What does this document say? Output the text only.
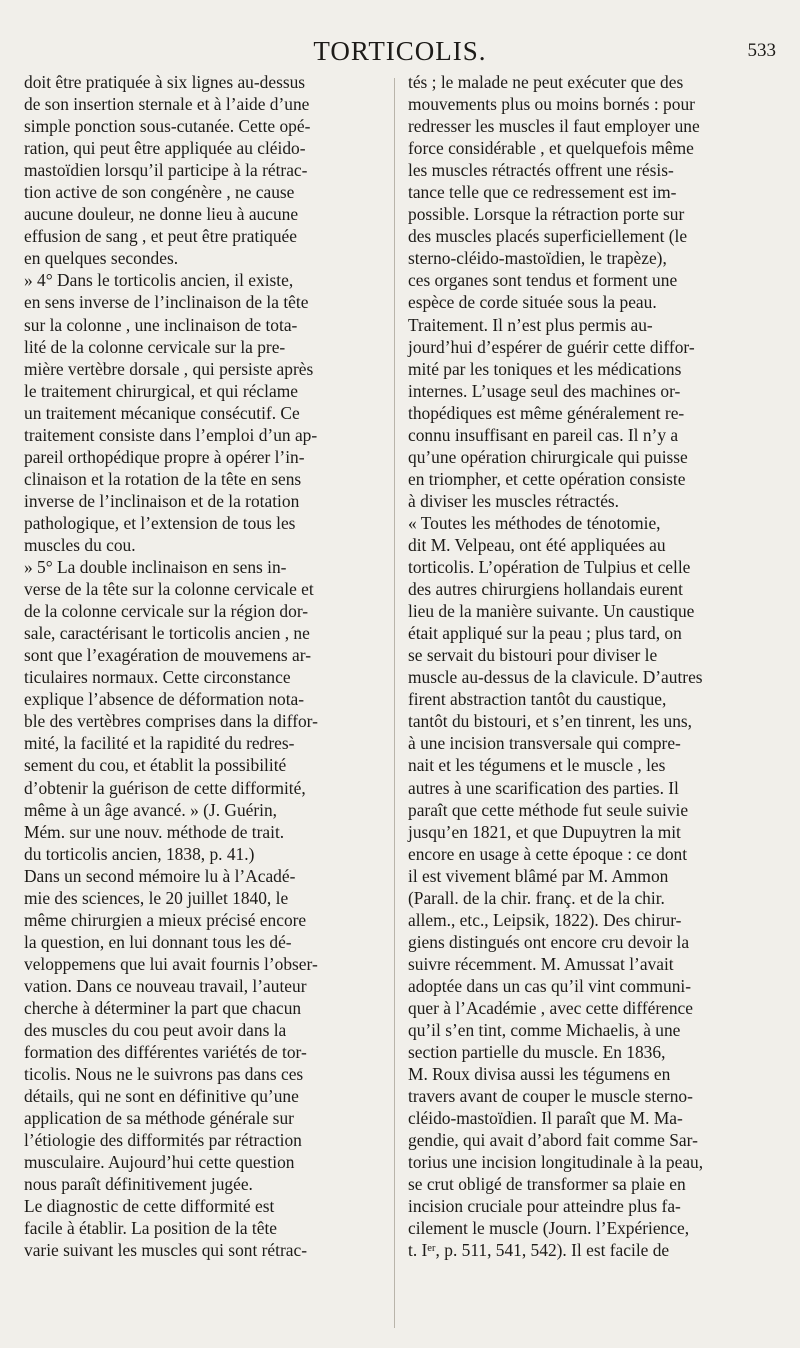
TORTICOLIS.	533
doit être pratiquée à six lignes au-dessus
de son insertion sternale et à l’aide d’une
simple ponction sous-cutanée. Cette opé-
ration, qui peut être appliquée au cléido-
mastoïdien lorsqu’il participe à la rétrac-
tion active de son congénère , ne cause
aucune douleur, ne donne lieu à aucune
effusion de sang , et peut être pratiquée
en quelques secondes.
» 4° Dans le torticolis ancien, il existe,
en sens inverse de l’inclinaison de la tête
sur la colonne , une inclinaison de tota-
lité de la colonne cervicale sur la pre-
mière vertèbre dorsale , qui persiste après
le traitement chirurgical, et qui réclame
un traitement mécanique consécutif. Ce
traitement consiste dans l’emploi d’un ap-
pareil orthopédique propre à opérer l’in-
clinaison et la rotation de la tête en sens
inverse de l’inclinaison et de la rotation
pathologique, et l’extension de tous les
muscles du cou.
» 5° La double inclinaison en sens in-
verse de la tête sur la colonne cervicale et
de la colonne cervicale sur la région dor-
sale, caractérisant le torticolis ancien , ne
sont que l’exagération de mouvemens ar-
ticulaires normaux. Cette circonstance
explique l’absence de déformation nota-
ble des vertèbres comprises dans la diffor-
mité, la facilité et la rapidité du redres-
sement du cou, et établit la possibilité
d’obtenir la guérison de cette difformité,
même à un âge avancé. » (J. Guérin,
Mém. sur une nouv. méthode de trait.
du torticolis ancien, 1838, p. 41.)
Dans un second mémoire lu à l’Acadé-
mie des sciences, le 20 juillet 1840, le
même chirurgien a mieux précisé encore
la question, en lui donnant tous les dé-
veloppemens que lui avait fournis l’obser-
vation. Dans ce nouveau travail, l’auteur
cherche à déterminer la part que chacun
des muscles du cou peut avoir dans la
formation des différentes variétés de tor-
ticolis. Nous ne le suivrons pas dans ces
détails, qui ne sont en définitive qu’une
application de sa méthode générale sur
l’étiologie des difformités par rétraction
musculaire. Aujourd’hui cette question
nous paraît définitivement jugée.
Le diagnostic de cette difformité est
facile à établir. La position de la tête
varie suivant les muscles qui sont rétrac-
tés ; le malade ne peut exécuter que des
mouvements plus ou moins bornés : pour
redresser les muscles il faut employer une
force considérable , et quelquefois même
les muscles rétractés offrent une résis-
tance telle que ce redressement est im-
possible. Lorsque la rétraction porte sur
des muscles placés superficiellement (le
sterno-cléido-mastoïdien, le trapèze),
ces organes sont tendus et forment une
espèce de corde située sous la peau.
Traitement. Il n’est plus permis au-
jourd’hui d’espérer de guérir cette diffor-
mité par les toniques et les médications
internes. L’usage seul des machines or-
thopédiques est même généralement re-
connu insuffisant en pareil cas. Il n’y a
qu’une opération chirurgicale qui puisse
en triompher, et cette opération consiste
à diviser les muscles rétractés.
« Toutes les méthodes de ténotomie,
dit M. Velpeau, ont été appliquées au
torticolis. L’opération de Tulpius et celle
des autres chirurgiens hollandais eurent
lieu de la manière suivante. Un caustique
était appliqué sur la peau ; plus tard, on
se servait du bistouri pour diviser le
muscle au-dessus de la clavicule. D’autres
firent abstraction tantôt du caustique,
tantôt du bistouri, et s’en tinrent, les uns,
à une incision transversale qui compre-
nait et les tégumens et le muscle , les
autres à une scarification des parties. Il
paraît que cette méthode fut seule suivie
jusqu’en 1821, et que Dupuytren la mit
encore en usage à cette époque : ce dont
il est vivement blâmé par M. Ammon
(Parall. de la chir. franç. et de la chir.
allem., etc., Leipsik, 1822). Des chirur-
giens distingués ont encore cru devoir la
suivre récemment. M. Amussat l’avait
adoptée dans un cas qu’il vint communi-
quer à l’Académie , avec cette différence
qu’il s’en tint, comme Michaelis, à une
section partielle du muscle. En 1836,
M. Roux divisa aussi les tégumens en
travers avant de couper le muscle sterno-
cléido-mastoïdien. Il paraît que M. Ma-
gendie, qui avait d’abord fait comme Sar-
torius une incision longitudinale à la peau,
se crut obligé de transformer sa plaie en
incision cruciale pour atteindre plus fa-
cilement le muscle (Journ. l’Expérience,
t. Iᵉʳ, p. 511, 541, 542). Il est facile de
